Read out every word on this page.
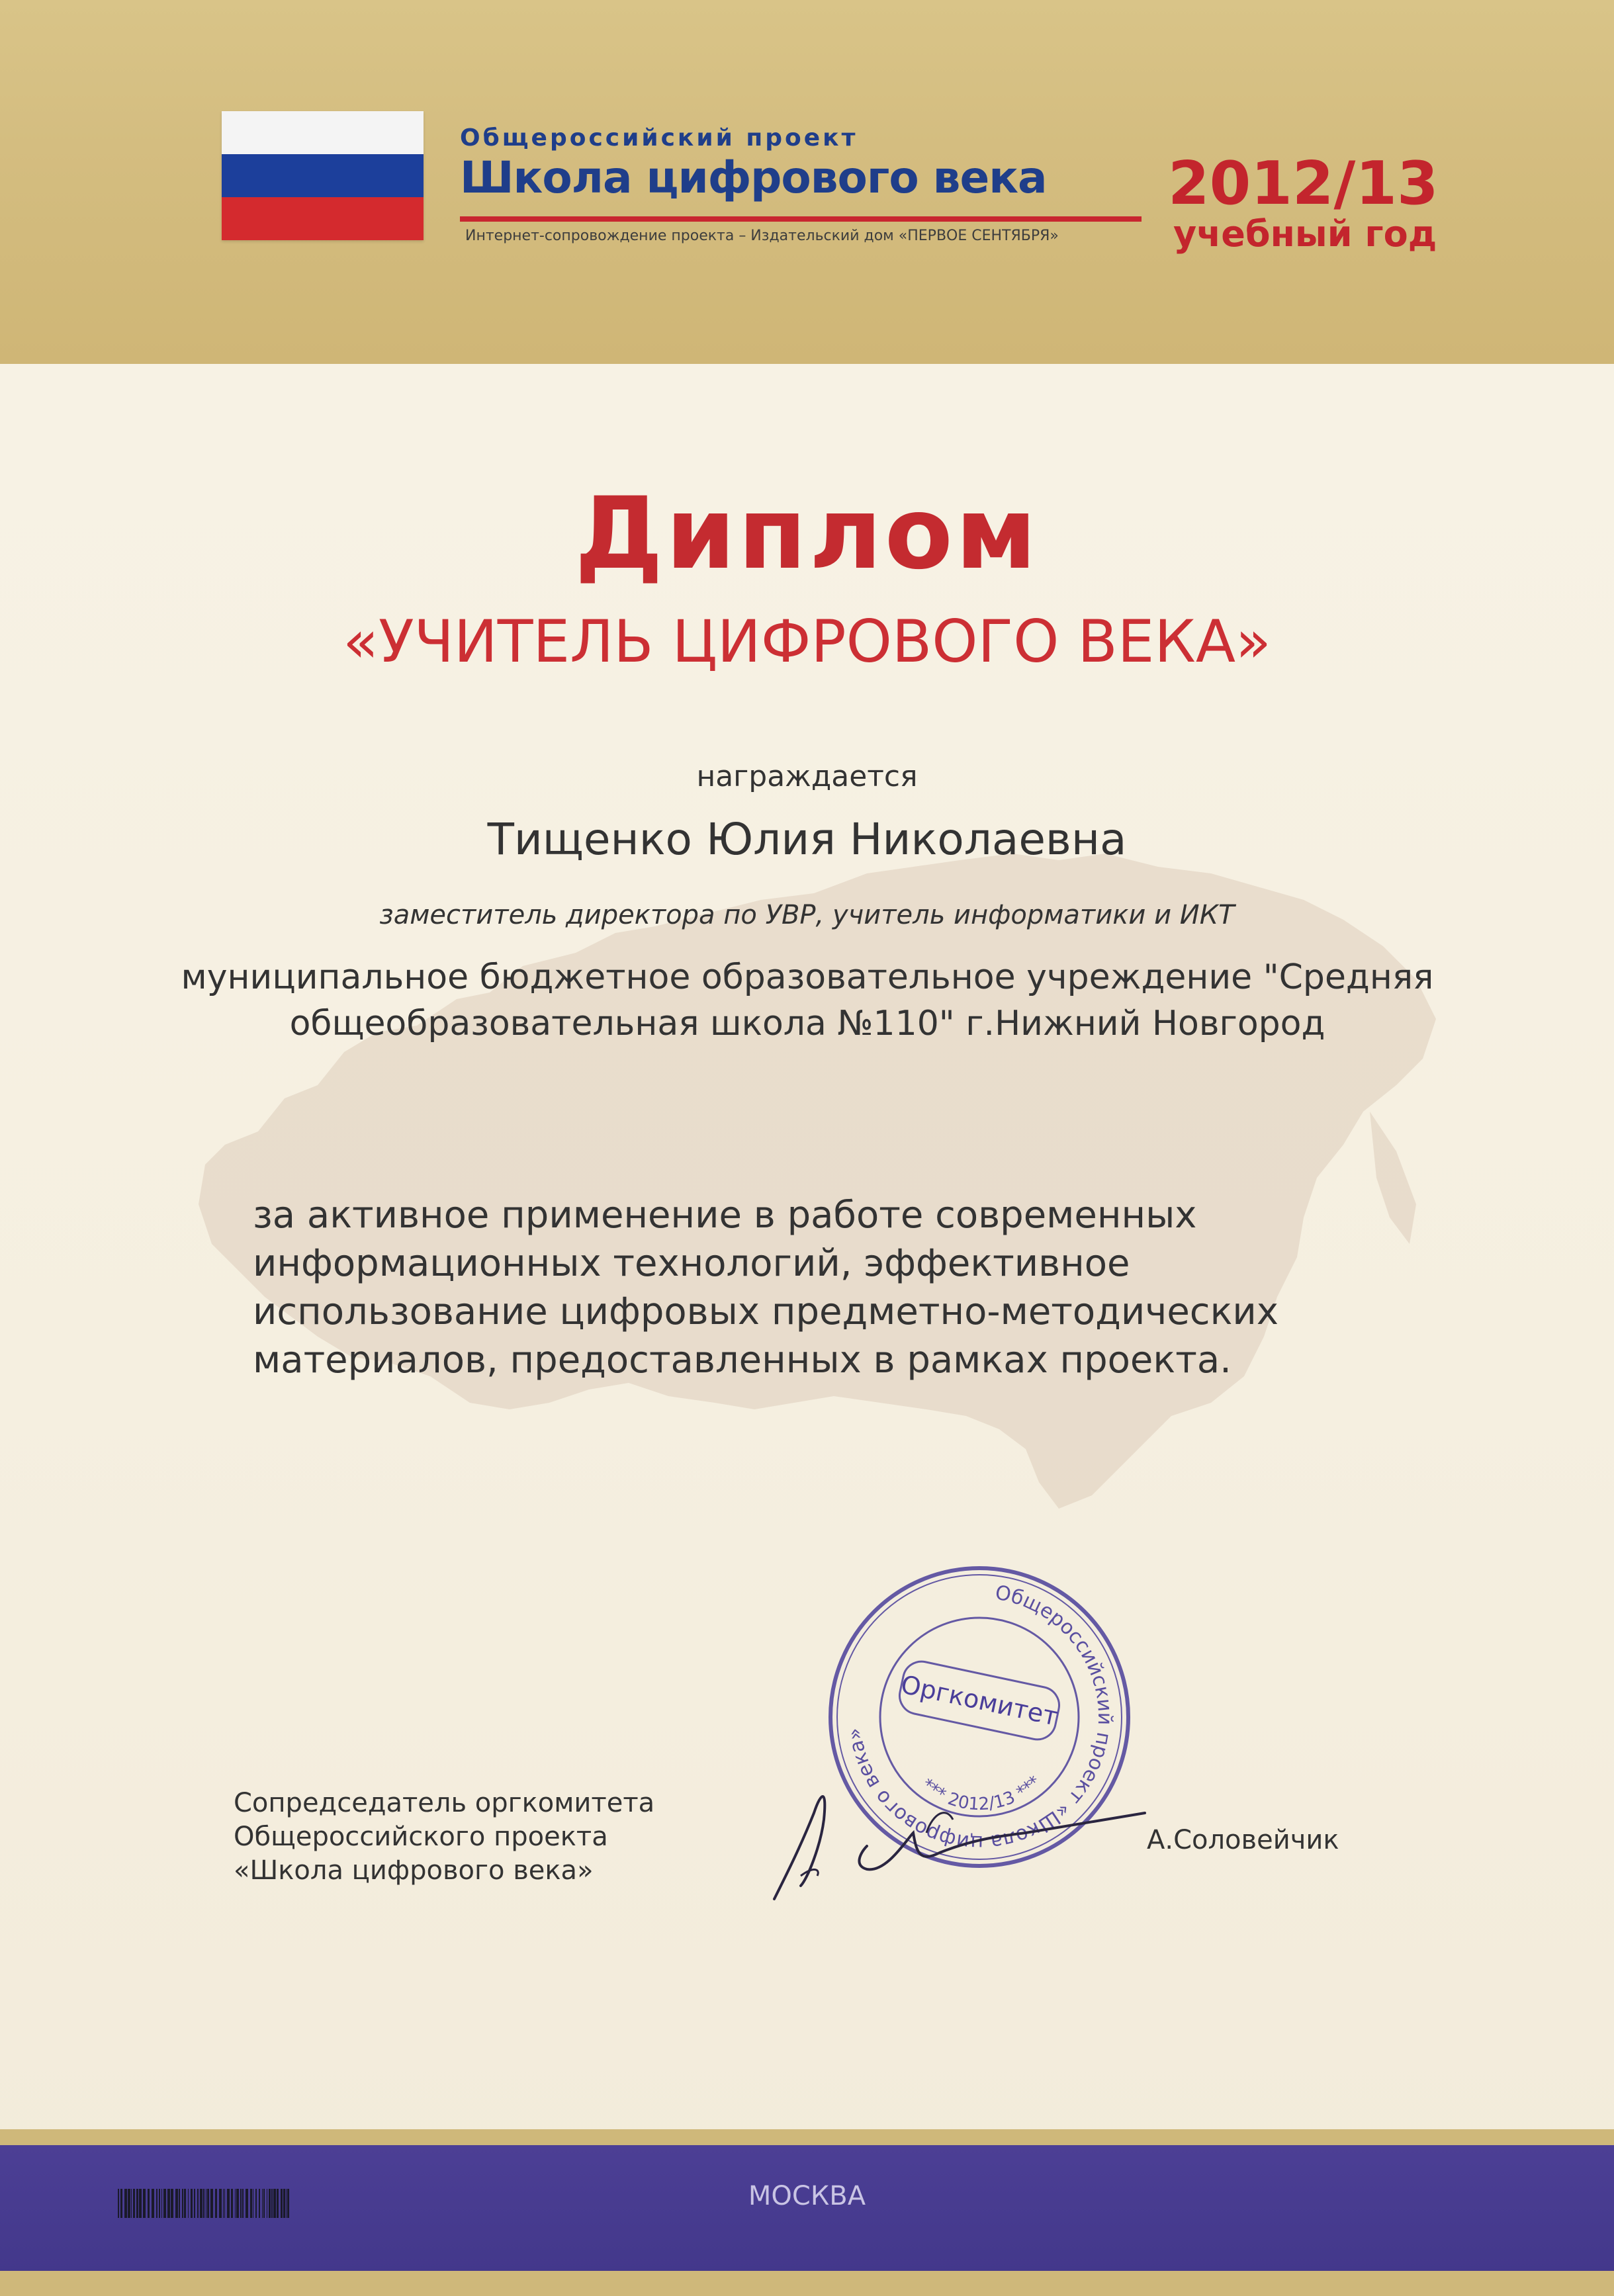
Общероссийский проект
Школа цифрового века
Интернет-сопровождение проекта – Издательский дом «ПЕРВОЕ СЕНТЯБРЯ»
2012/13
учебный год
Диплом
«УЧИТЕЛЬ ЦИФРОВОГО ВЕКА»
награждается
Тищенко Юлия Николаевна
заместитель директора по УВР, учитель информатики и ИКТ
муниципальное бюджетное образовательное учреждение "Средняя
общеобразовательная школа №110" г.Нижний Новгород
за активное применение в работе современных
информационных технологий, эффективное
использование цифровых предметно-методических
материалов, предоставленных в рамках проекта.
Общероссийский проект «Школа цифрового века»
*** 2012/13 ***
Оргкомитет
Сопредседатель оргкомитета
Общероссийского проекта
«Школа цифрового века»
А.Соловейчик
МОСКВА
